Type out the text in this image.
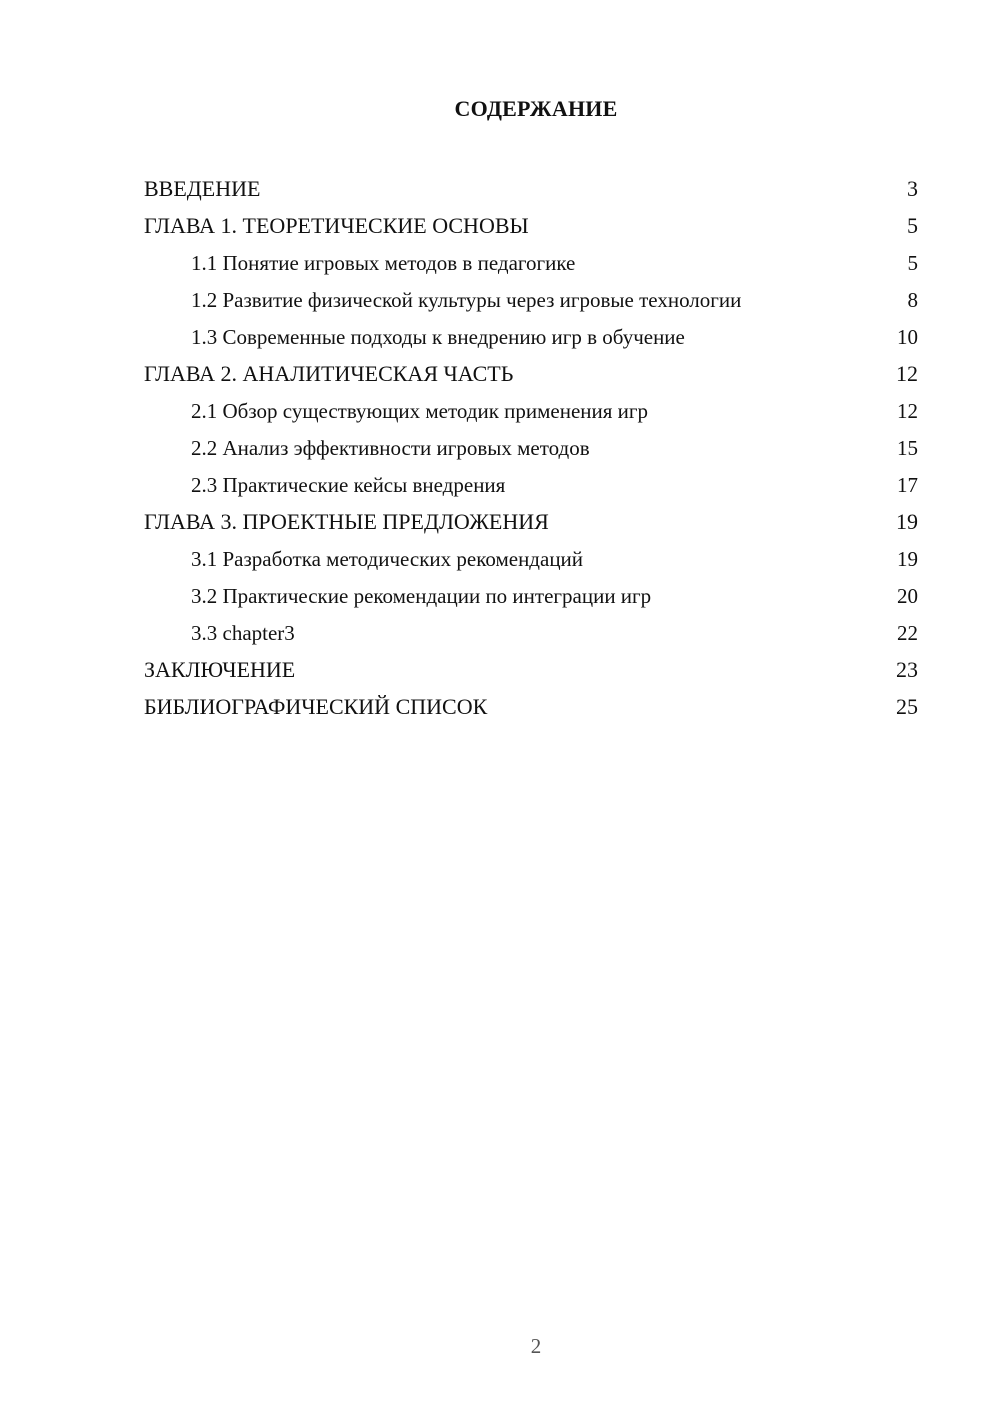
СОДЕРЖАНИЕ
ВВЕДЕНИЕ	3
ГЛАВА 1. ТЕОРЕТИЧЕСКИЕ ОСНОВЫ	5
1.1 Понятие игровых методов в педагогике	5
1.2 Развитие физической культуры через игровые технологии	8
1.3 Современные подходы к внедрению игр в обучение	10
ГЛАВА 2. АНАЛИТИЧЕСКАЯ ЧАСТЬ	12
2.1 Обзор существующих методик применения игр	12
2.2 Анализ эффективности игровых методов	15
2.3 Практические кейсы внедрения	17
ГЛАВА 3. ПРОЕКТНЫЕ ПРЕДЛОЖЕНИЯ	19
3.1 Разработка методических рекомендаций	19
3.2 Практические рекомендации по интеграции игр	20
3.3 chapter3	22
ЗАКЛЮЧЕНИЕ	23
БИБЛИОГРАФИЧЕСКИЙ СПИСОК	25
2
